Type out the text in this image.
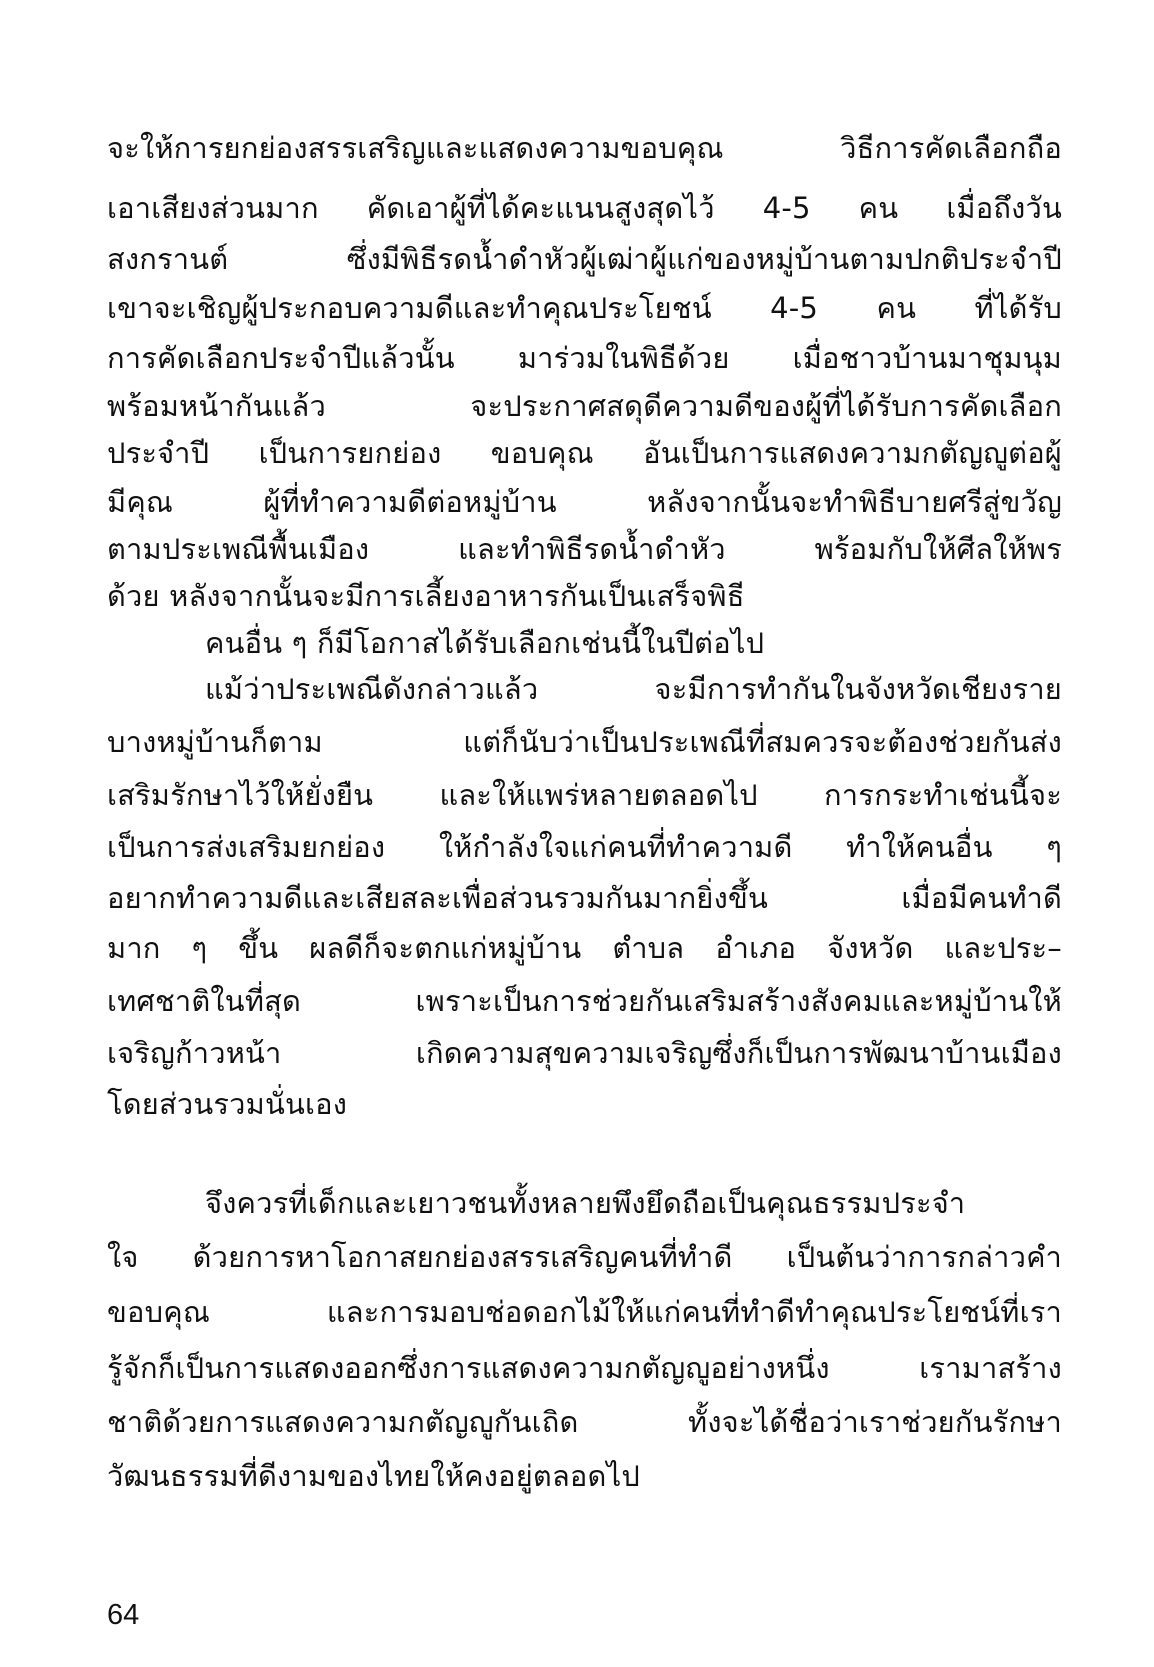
จะให้การยกย่องสรรเสริญและแสดงความขอบคุณ วิธีการคัดเลือกถือ
เอาเสียงส่วนมาก คัดเอาผู้ที่ได้คะแนนสูงสุดไว้ 4-5 คน เมื่อถึงวัน
สงกรานต์ ซึ่งมีพิธีรดน้ำดำหัวผู้เฒ่าผู้แก่ของหมู่บ้านตามปกติประจำปี
เขาจะเชิญผู้ประกอบความดีและทำคุณประโยชน์ 4-5 คน ที่ได้รับ
การคัดเลือกประจำปีแล้วนั้น มาร่วมในพิธีด้วย เมื่อชาวบ้านมาชุมนุม
พร้อมหน้ากันแล้ว จะประกาศสดุดีความดีของผู้ที่ได้รับการคัดเลือก
ประจำปี เป็นการยกย่อง ขอบคุณ อันเป็นการแสดงความกตัญญูต่อผู้
มีคุณ ผู้ที่ทำความดีต่อหมู่บ้าน หลังจากนั้นจะทำพิธีบายศรีสู่ขวัญ
ตามประเพณีพื้นเมือง และทำพิธีรดน้ำดำหัว พร้อมกับให้ศีลให้พร
ด้วย หลังจากนั้นจะมีการเลี้ยงอาหารกันเป็นเสร็จพิธี
คนอื่น ๆ ก็มีโอกาสได้รับเลือกเช่นนี้ในปีต่อไป
แม้ว่าประเพณีดังกล่าวแล้ว จะมีการทำกันในจังหวัดเชียงราย
บางหมู่บ้านก็ตาม แต่ก็นับว่าเป็นประเพณีที่สมควรจะต้องช่วยกันส่ง
เสริมรักษาไว้ให้ยั่งยืน และให้แพร่หลายตลอดไป การกระทำเช่นนี้จะ
เป็นการส่งเสริมยกย่อง ให้กำลังใจแก่คนที่ทำความดี ทำให้คนอื่น ๆ
อยากทำความดีและเสียสละเพื่อส่วนรวมกันมากยิ่งขึ้น เมื่อมีคนทำดี
มาก ๆ ขึ้น ผลดีก็จะตกแก่หมู่บ้าน ตำบล อำเภอ จังหวัด และประ–
เทศชาติในที่สุด เพราะเป็นการช่วยกันเสริมสร้างสังคมและหมู่บ้านให้
เจริญก้าวหน้า เกิดความสุขความเจริญซึ่งก็เป็นการพัฒนาบ้านเมือง
โดยส่วนรวมนั่นเอง
จึงควรที่เด็กและเยาวชนทั้งหลายพึงยึดถือเป็นคุณธรรมประจำ
ใจ ด้วยการหาโอกาสยกย่องสรรเสริญคนที่ทำดี เป็นต้นว่าการกล่าวคำ
ขอบคุณ และการมอบช่อดอกไม้ให้แก่คนที่ทำดีทำคุณประโยชน์ที่เรา
รู้จักก็เป็นการแสดงออกซึ่งการแสดงความกตัญญูอย่างหนึ่ง เรามาสร้าง
ชาติด้วยการแสดงความกตัญญูกันเถิด ทั้งจะได้ชื่อว่าเราช่วยกันรักษา
วัฒนธรรมที่ดีงามของไทยให้คงอยู่ตลอดไป
64
